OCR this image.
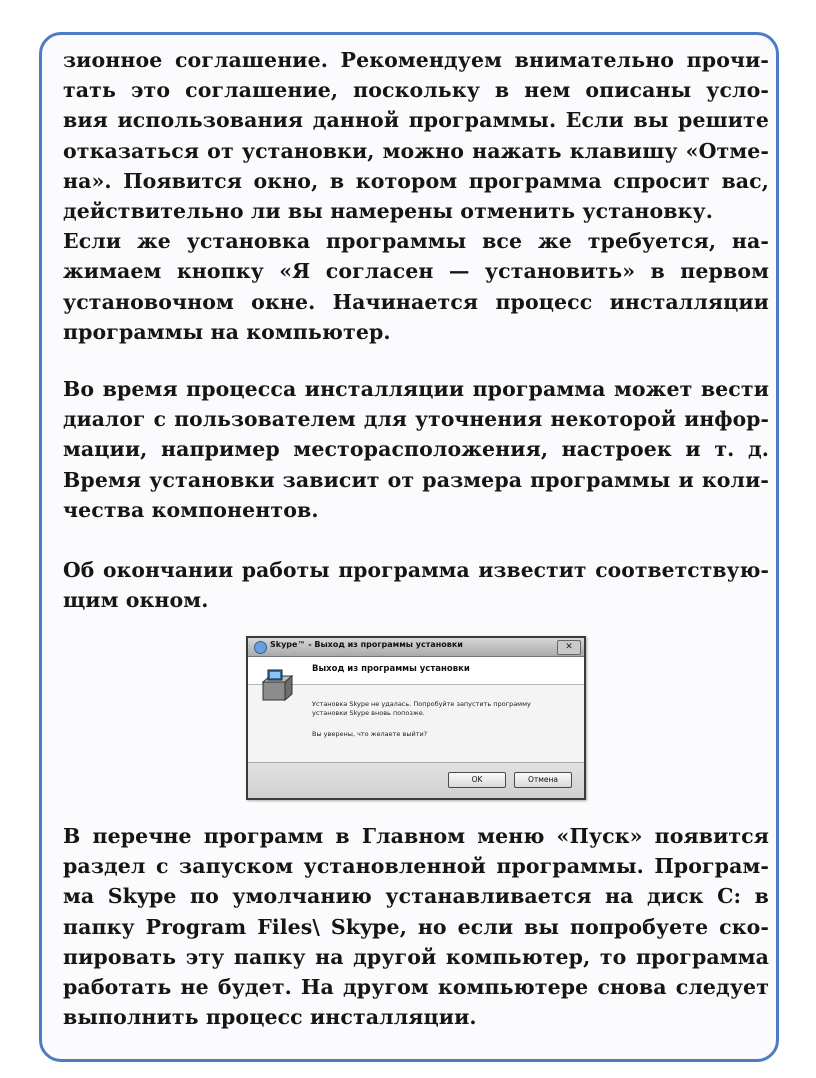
зионное соглашение. Рекомендуем внимательно прочи-
тать это соглашение, поскольку в нем описаны усло-
вия использования данной программы. Если вы решите
отказаться от установки, можно нажать клавишу «Отме-
на». Появится окно, в котором программа спросит вас,
действительно ли вы намерены отменить установку.
Если же установка программы все же требуется, на-
жимаем кнопку «Я согласен — установить» в первом
установочном окне. Начинается процесс инсталляции
программы на компьютер.
Во время процесса инсталляции программа может вести
диалог с пользователем для уточнения некоторой инфор-
мации, например месторасположения, настроек и т. д.
Время установки зависит от размера программы и коли-
чества компонентов.
Об окончании работы программа известит соответствую-
щим окном.
Skype™ - Выход из программы установки	✕
Выход из программы установки
Установка Skype не удалась. Попробуйте запустить программу установки Skype вновь попозже.
Вы уверены, что желаете выйти?
OK	Отмена
В перечне программ в Главном меню «Пуск» появится
раздел с запуском установленной программы. Програм-
ма Skype по умолчанию устанавливается на диск C: в
папку Program Files\ Skype, но если вы попробуете ско-
пировать эту папку на другой компьютер, то программа
работать не будет. На другом компьютере снова следует
выполнить процесс инсталляции.
